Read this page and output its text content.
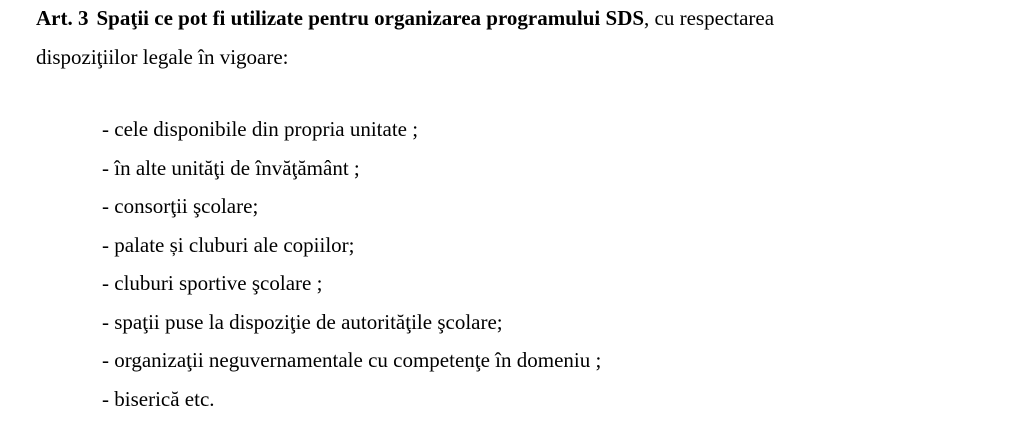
Art. 3 Spaţii ce pot fi utilizate pentru organizarea programului SDS, cu respectarea
dispoziţiilor legale în vigoare:
- cele disponibile din propria unitate ;
- în alte unităţi de învăţământ ;
- consorţii şcolare;
- palate și cluburi ale copiilor;
- cluburi sportive şcolare ;
- spaţii puse la dispoziţie de autorităţile şcolare;
- organizaţii neguvernamentale cu competenţe în domeniu ;
- biserică etc.
